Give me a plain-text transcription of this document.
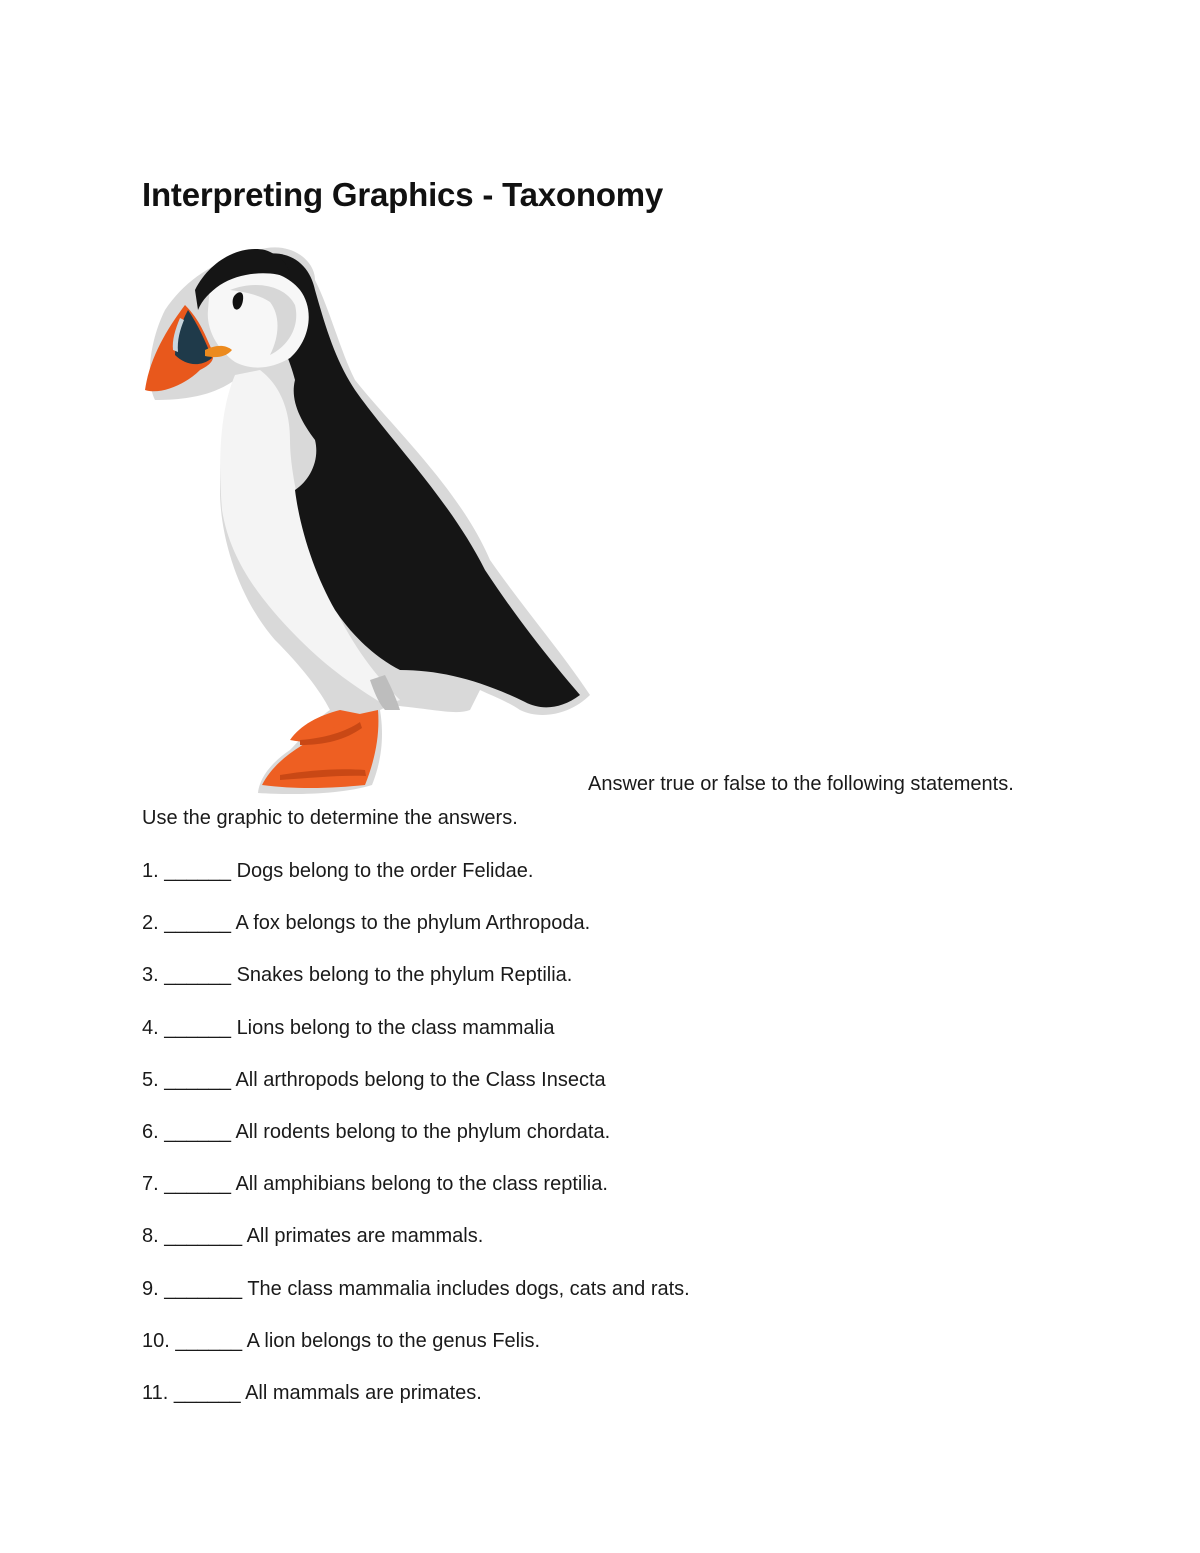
Interpreting Graphics - Taxonomy
Answer true or false to the following statements.
Use the graphic to determine the answers.
1. ______ Dogs belong to the order Felidae.
2. ______ A fox belongs to the phylum Arthropoda.
3. ______ Snakes belong to the phylum Reptilia.
4. ______ Lions belong to the class mammalia
5. ______ All arthropods belong to the Class Insecta
6. ______ All rodents belong to the phylum chordata.
7. ______ All amphibians belong to the class reptilia.
8. _______ All primates are mammals.
9. _______ The class mammalia includes dogs, cats and rats.
10. ______ A lion belongs to the genus Felis.
11. ______ All mammals are primates.
